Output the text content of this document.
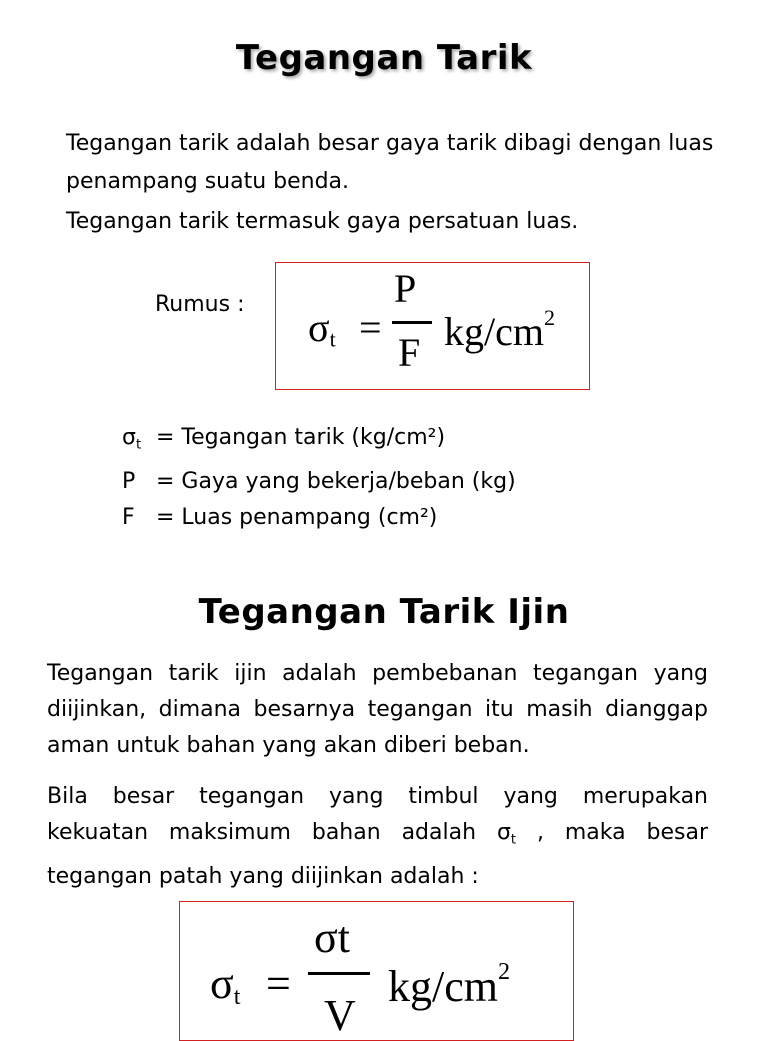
Tegangan Tarik
Tegangan tarik adalah besar gaya tarik dibagi dengan luas penampang suatu benda.
Tegangan tarik termasuk gaya persatuan luas.
Rumus :
$\sigma_t$ =
P
F $kg/cm^2$
$\sigma_t$ = Tegangan tarik (kg/cm²)
P = Gaya yang bekerja/beban (kg)
F = Luas penampang (cm²)
Tegangan Tarik Ijin
Tegangan tarik ijin adalah pembebanan tegangan yang diijinkan, dimana besarnya tegangan itu masih dianggap aman untuk bahan yang akan diberi beban.
Bila besar tegangan yang timbul yang merupakan kekuatan maksimum bahan adalah $\sigma_t$ , maka besar tegangan patah yang diijinkan adalah :
$\sigma_t$ =
σt
V
$kg/cm^2$
